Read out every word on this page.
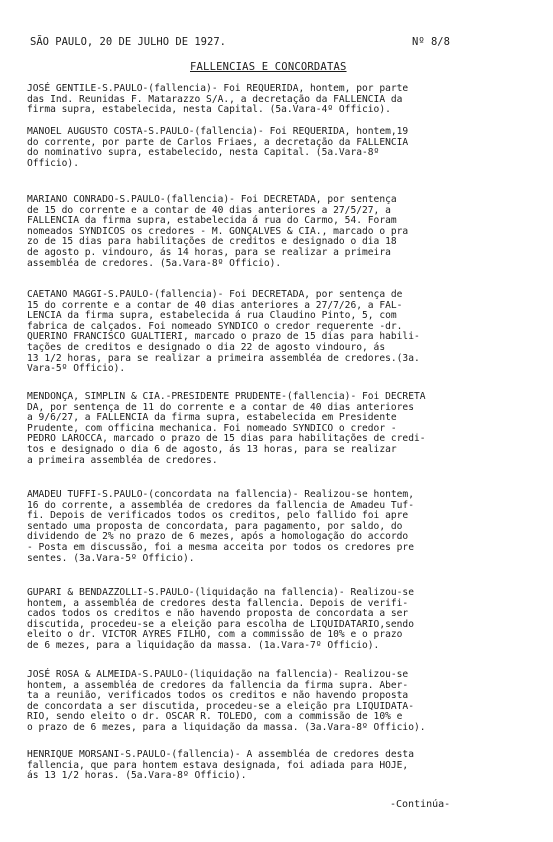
SÃO PAULO, 20 DE JULHO DE 1927.	Nº 8/8
FALLENCIAS E CONCORDATAS

JOSÉ GENTILE-S.PAULO-(fallencia)- Foi REQUERIDA, hontem, por parte

das Ind. Reunidas F. Matarazzo S/A., a decretação da FALLENCIA da

firma supra, estabelecida, nesta Capital. (5a.Vara-4º Officio).

MANOEL AUGUSTO COSTA-S.PAULO-(fallencia)- Foi REQUERIDA, hontem,19

do corrente, por parte de Carlos Friaes, a decretação da FALLENCIA

do nominativo supra, estabelecido, nesta Capital. (5a.Vara-8º

Officio).

MARIANO CONRADO-S.PAULO-(fallencia)- Foi DECRETADA, por sentença

de 15 do corrente e a contar de 40 dias anteriores a 27/5/27, a

FALLENCIA da firma supra, estabelecida á rua do Carmo, 54. Foram

nomeados SYNDICOS os credores - M. GONÇALVES & CIA., marcado o pra

zo de 15 dias para habilitações de creditos e designado o dia 18

de agosto p. vindouro, ás 14 horas, para se realizar a primeira

assembléa de credores. (5a.Vara-8º Officio).

CAETANO MAGGI-S.PAULO-(fallencia)- Foi DECRETADA, por sentença de

15 do corrente e a contar de 40 dias anteriores a 27/7/26, a FAL-

LENCIA da firma supra, estabelecida á rua Claudino Pinto, 5, com

fabrica de calçados. Foi nomeado SYNDICO o credor requerente -dr.

QUERINO FRANCISCO GUALTIERI, marcado o prazo de 15 dias para habili-

tações de creditos e designado o dia 22 de agosto vindouro, ás

13 1/2 horas, para se realizar a primeira assembléa de credores.(3a.

Vara-5º Officio).

MENDONÇA, SIMPLIN & CIA.-PRESIDENTE PRUDENTE-(fallencia)- Foi DECRETA

DA, por sentença de 11 do corrente e a contar de 40 dias anteriores

a 9/6/27, a FALLENCIA da firma supra, estabelecida em Presidente

Prudente, com officina mechanica. Foi nomeado SYNDICO o credor -

PEDRO LAROCCA, marcado o prazo de 15 dias para habilitações de credi-

tos e designado o dia 6 de agosto, ás 13 horas, para se realizar

a primeira assembléa de credores.

AMADEU TUFFI-S.PAULO-(concordata na fallencia)- Realizou-se hontem,

16 do corrente, a assembléa de credores da fallencia de Amadeu Tuf-

fi. Depois de verificados todos os creditos, pelo fallido foi apre

sentado uma proposta de concordata, para pagamento, por saldo, do

dividendo de 2% no prazo de 6 mezes, após a homologação do accordo

- Posta em discussão, foi a mesma acceita por todos os credores pre

sentes. (3a.Vara-5º Officio).

GUPARI & BENDAZZOLLI-S.PAULO-(liquidação na fallencia)- Realizou-se

hontem, a assembléa de credores desta fallencia. Depois de verifi-

cados todos os creditos e não havendo proposta de concordata a ser

discutida, procedeu-se a eleição para escolha de LIQUIDATARIO,sendo

eleito o dr. VICTOR AYRES FILHO, com a commissão de 10% e o prazo

de 6 mezes, para a liquidação da massa. (1a.Vara-7º Officio).

JOSÉ ROSA & ALMEIDA-S.PAULO-(liquidação na fallencia)- Realizou-se

hontem, a assembléa de credores da fallencia da firma supra. Aber-

ta a reunião, verificados todos os creditos e não havendo proposta

de concordata a ser discutida, procedeu-se a eleição pra LIQUIDATA-

RIO, sendo eleito o dr. OSCAR R. TOLEDO, com a commissão de 10% e

o prazo de 6 mezes, para a liquidação da massa. (3a.Vara-8º Officio).

HENRIQUE MORSANI-S.PAULO-(fallencia)- A assembléa de credores desta

fallencia, que para hontem estava designada, foi adiada para HOJE,

ás 13 1/2 horas. (5a.Vara-8º Officio).

-Continúa-
